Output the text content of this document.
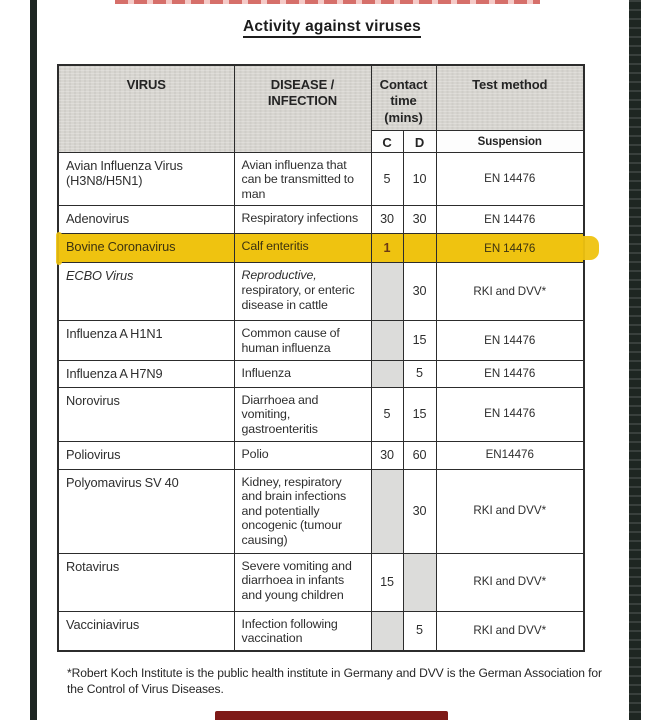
Activity against viruses
VIRUS	DISEASE / INFECTION	Contact time (mins)		Test method
		C	D	Suspension
Avian Influenza Virus (H3N8/H5N1)	Avian influenza that can be transmitted to man	5	10	EN 14476
Adenovirus	Respiratory infections	30	30	EN 14476
Bovine Coronavirus	Calf enteritis	1		EN 14476
ECBO Virus	Reproductive, respiratory, or enteric disease in cattle		30	RKI and DVV*
Influenza A H1N1	Common cause of human influenza		15	EN 14476
Influenza A H7N9	Influenza		5	EN 14476
Norovirus	Diarrhoea and vomiting, gastroenteritis	5	15	EN 14476
Poliovirus	Polio	30	60	EN14476
Polyomavirus SV 40	Kidney, respiratory and brain infections and potentially oncogenic (tumour causing)		30	RKI and DVV*
Rotavirus	Severe vomiting and diarrhoea in infants and young children	15		RKI and DVV*
Vacciniavirus	Infection following vaccination		5	RKI and DVV*

*Robert Koch Institute is the public health institute in Germany and DVV is the German Association for the Control of Virus Diseases.
